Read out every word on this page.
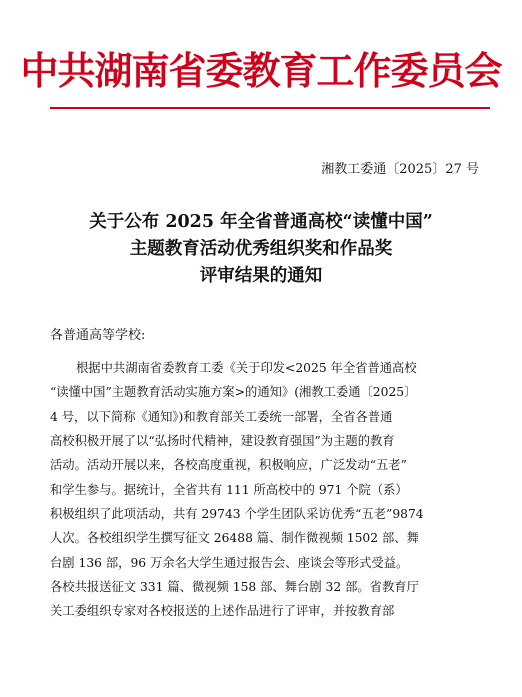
中共湖南省委教育工作委员会
湘教工委通〔2025〕27 号
关于公布 2025 年全省普通高校“读懂中国”
主题教育活动优秀组织奖和作品奖
评审结果的通知
各普通高等学校:
根据中共湖南省委教育工委《关于印发<2025 年全省普通高校
“读懂中国”主题教育活动实施方案>的通知》(湘教工委通〔2025〕
4 号，以下简称《通知》)和教育部关工委统一部署，全省各普通
高校积极开展了以“弘扬时代精神，建设教育强国”为主题的教育
活动。活动开展以来，各校高度重视，积极响应，广泛发动“五老”
和学生参与。据统计，全省共有 111 所高校中的 971 个院（系）
积极组织了此项活动，共有 29743 个学生团队采访优秀“五老”9874
人次。各校组织学生撰写征文 26488 篇、制作微视频 1502 部、舞
台剧 136 部，96 万余名大学生通过报告会、座谈会等形式受益。
各校共报送征文 331 篇、微视频 158 部、舞台剧 32 部。省教育厅
关工委组织专家对各校报送的上述作品进行了评审，并按教育部
